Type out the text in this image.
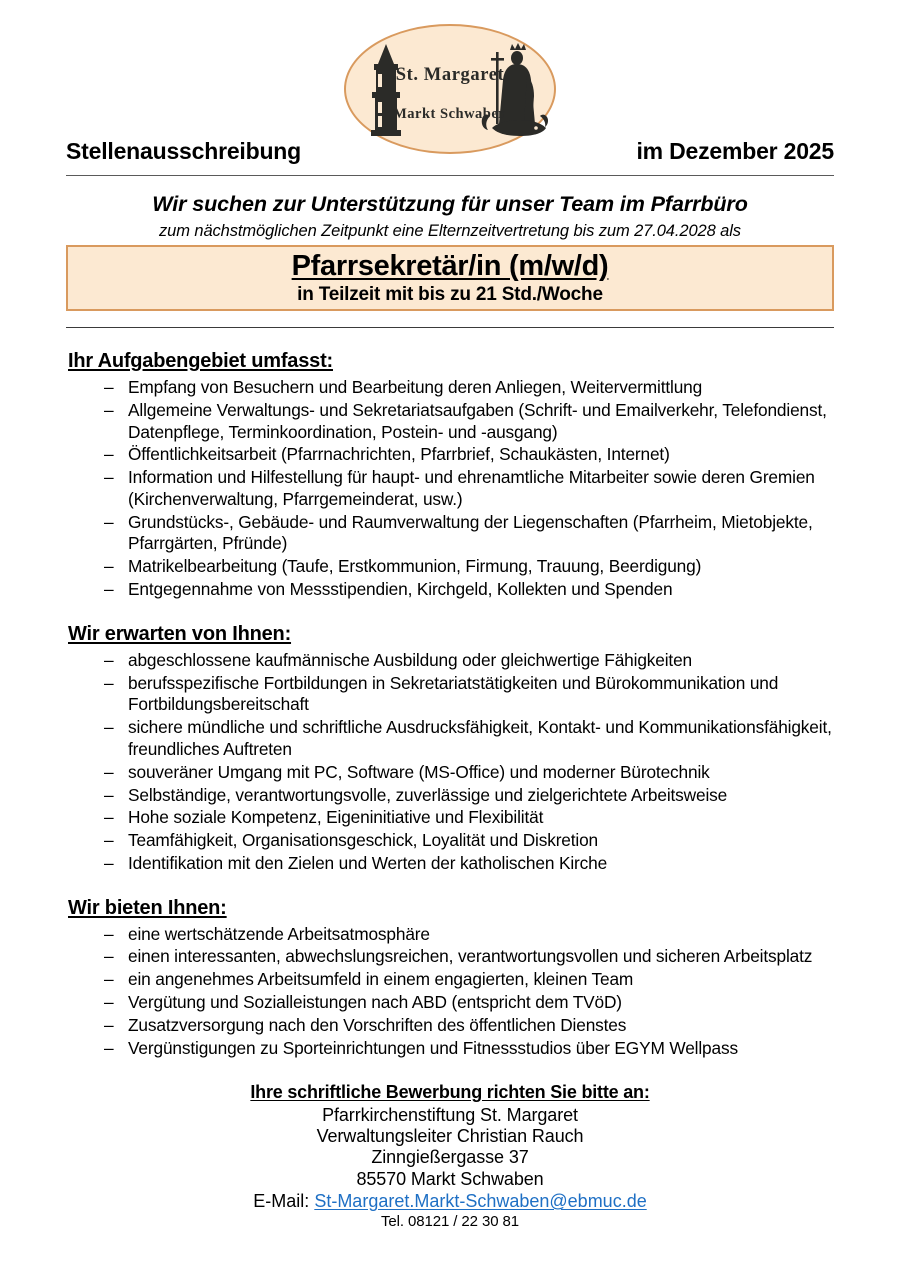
St. Margaret
Markt Schwaben
Stellenausschreibung	im Dezember 2025
Wir suchen zur Unterstützung für unser Team im Pfarrbüro
zum nächstmöglichen Zeitpunkt eine Elternzeitvertretung bis zum 27.04.2028 als
Pfarrsekretär/in (m/w/d)
in Teilzeit mit bis zu 21 Std./Woche
Ihr Aufgabengebiet umfasst:
– Empfang von Besuchern und Bearbeitung deren Anliegen, Weitervermittlung
– Allgemeine Verwaltungs- und Sekretariatsaufgaben (Schrift- und Emailverkehr, Telefondienst, Datenpflege, Terminkoordination, Postein- und -ausgang)
– Öffentlichkeitsarbeit (Pfarrnachrichten, Pfarrbrief, Schaukästen, Internet)
– Information und Hilfestellung für haupt- und ehrenamtliche Mitarbeiter sowie deren Gremien (Kirchenverwaltung, Pfarrgemeinderat, usw.)
– Grundstücks-, Gebäude- und Raumverwaltung der Liegenschaften (Pfarrheim, Mietobjekte, Pfarrgärten, Pfründe)
– Matrikelbearbeitung (Taufe, Erstkommunion, Firmung, Trauung, Beerdigung)
– Entgegennahme von Messstipendien, Kirchgeld, Kollekten und Spenden
Wir erwarten von Ihnen:
– abgeschlossene kaufmännische Ausbildung oder gleichwertige Fähigkeiten
– berufsspezifische Fortbildungen in Sekretariatstätigkeiten und Bürokommunikation und Fortbildungsbereitschaft
– sichere mündliche und schriftliche Ausdrucksfähigkeit, Kontakt- und Kommunikationsfähigkeit, freundliches Auftreten
– souveräner Umgang mit PC, Software (MS-Office) und moderner Bürotechnik
– Selbständige, verantwortungsvolle, zuverlässige und zielgerichtete Arbeitsweise
– Hohe soziale Kompetenz, Eigeninitiative und Flexibilität
– Teamfähigkeit, Organisationsgeschick, Loyalität und Diskretion
– Identifikation mit den Zielen und Werten der katholischen Kirche
Wir bieten Ihnen:
– eine wertschätzende Arbeitsatmosphäre
– einen interessanten, abwechslungsreichen, verantwortungsvollen und sicheren Arbeitsplatz
– ein angenehmes Arbeitsumfeld in einem engagierten, kleinen Team
– Vergütung und Sozialleistungen nach ABD (entspricht dem TVöD)
– Zusatzversorgung nach den Vorschriften des öffentlichen Dienstes
– Vergünstigungen zu Sporteinrichtungen und Fitnessstudios über EGYM Wellpass
Ihre schriftliche Bewerbung richten Sie bitte an:
Pfarrkirchenstiftung St. Margaret
Verwaltungsleiter Christian Rauch
Zinngießergasse 37
85570 Markt Schwaben
E-Mail: St-Margaret.Markt-Schwaben@ebmuc.de
Tel. 08121 / 22 30 81
